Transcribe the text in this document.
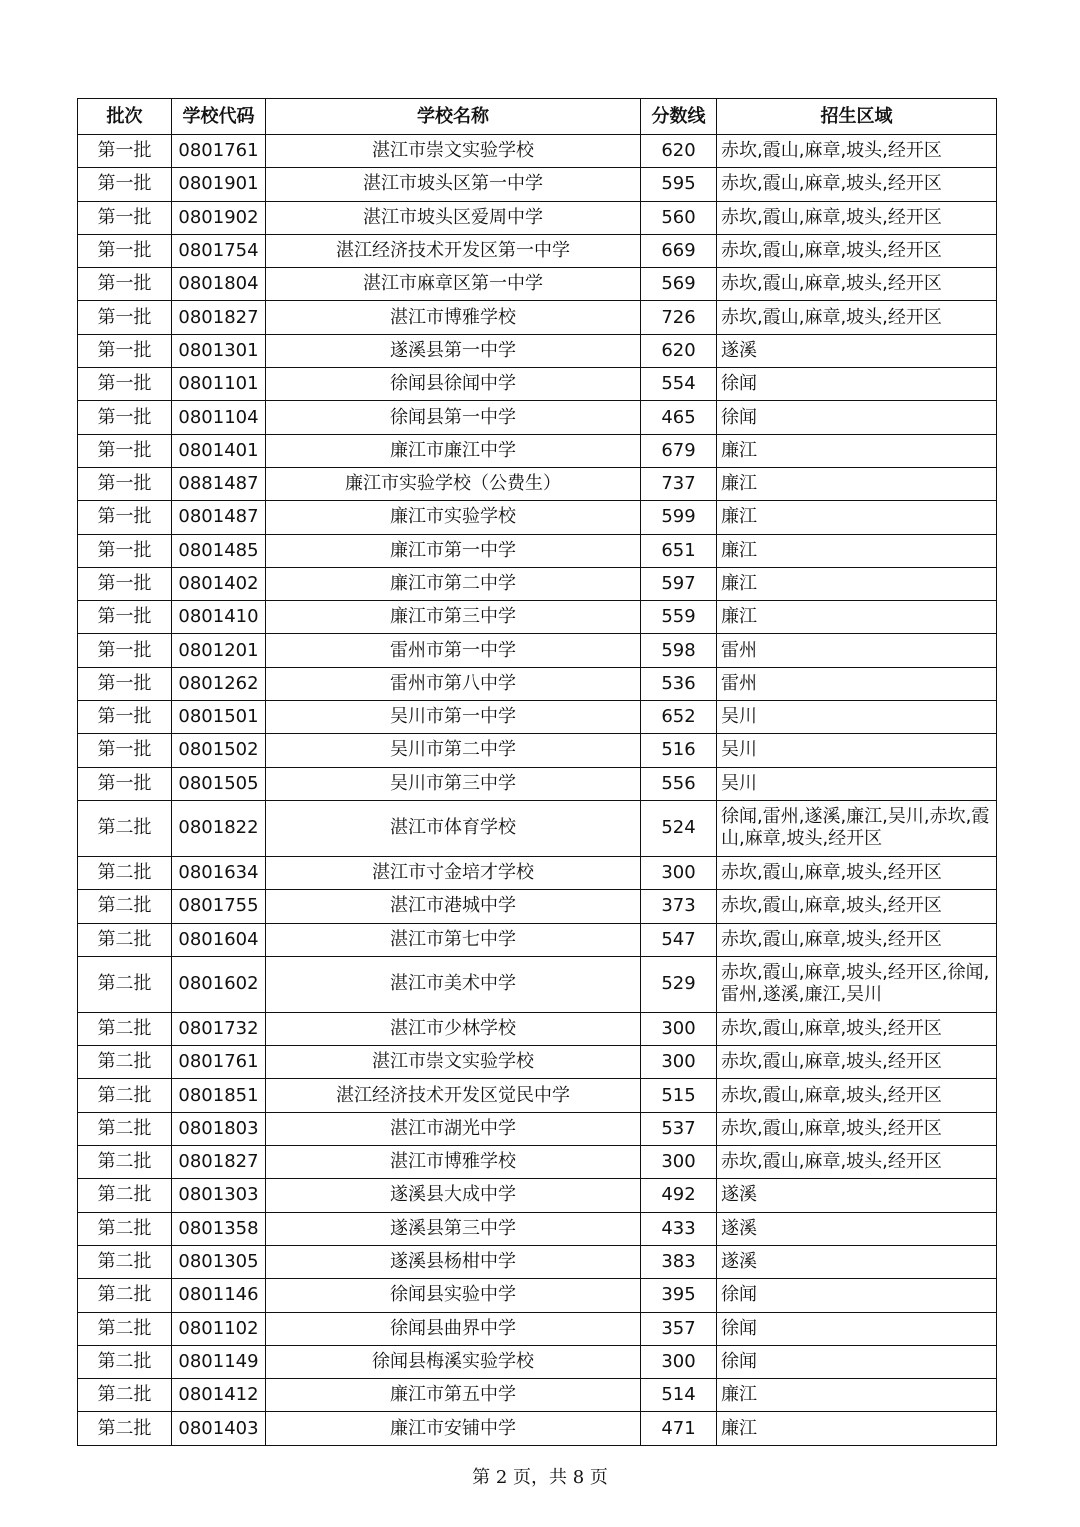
批次	学校代码	学校名称	分数线	招生区域
第一批	0801761	湛江市崇文实验学校	620	赤坎,霞山,麻章,坡头,经开区
第一批	0801901	湛江市坡头区第一中学	595	赤坎,霞山,麻章,坡头,经开区
第一批	0801902	湛江市坡头区爱周中学	560	赤坎,霞山,麻章,坡头,经开区
第一批	0801754	湛江经济技术开发区第一中学	669	赤坎,霞山,麻章,坡头,经开区
第一批	0801804	湛江市麻章区第一中学	569	赤坎,霞山,麻章,坡头,经开区
第一批	0801827	湛江市博雅学校	726	赤坎,霞山,麻章,坡头,经开区
第一批	0801301	遂溪县第一中学	620	遂溪
第一批	0801101	徐闻县徐闻中学	554	徐闻
第一批	0801104	徐闻县第一中学	465	徐闻
第一批	0801401	廉江市廉江中学	679	廉江
第一批	0881487	廉江市实验学校（公费生）	737	廉江
第一批	0801487	廉江市实验学校	599	廉江
第一批	0801485	廉江市第一中学	651	廉江
第一批	0801402	廉江市第二中学	597	廉江
第一批	0801410	廉江市第三中学	559	廉江
第一批	0801201	雷州市第一中学	598	雷州
第一批	0801262	雷州市第八中学	536	雷州
第一批	0801501	吴川市第一中学	652	吴川
第一批	0801502	吴川市第二中学	516	吴川
第一批	0801505	吴川市第三中学	556	吴川
第二批	0801822	湛江市体育学校	524	徐闻,雷州,遂溪,廉江,吴川,赤坎,霞山,麻章,坡头,经开区
第二批	0801634	湛江市寸金培才学校	300	赤坎,霞山,麻章,坡头,经开区
第二批	0801755	湛江市港城中学	373	赤坎,霞山,麻章,坡头,经开区
第二批	0801604	湛江市第七中学	547	赤坎,霞山,麻章,坡头,经开区
第二批	0801602	湛江市美术中学	529	赤坎,霞山,麻章,坡头,经开区,徐闻,雷州,遂溪,廉江,吴川
第二批	0801732	湛江市少林学校	300	赤坎,霞山,麻章,坡头,经开区
第二批	0801761	湛江市崇文实验学校	300	赤坎,霞山,麻章,坡头,经开区
第二批	0801851	湛江经济技术开发区觉民中学	515	赤坎,霞山,麻章,坡头,经开区
第二批	0801803	湛江市湖光中学	537	赤坎,霞山,麻章,坡头,经开区
第二批	0801827	湛江市博雅学校	300	赤坎,霞山,麻章,坡头,经开区
第二批	0801303	遂溪县大成中学	492	遂溪
第二批	0801358	遂溪县第三中学	433	遂溪
第二批	0801305	遂溪县杨柑中学	383	遂溪
第二批	0801146	徐闻县实验中学	395	徐闻
第二批	0801102	徐闻县曲界中学	357	徐闻
第二批	0801149	徐闻县梅溪实验学校	300	徐闻
第二批	0801412	廉江市第五中学	514	廉江
第二批	0801403	廉江市安铺中学	471	廉江
第 2 页，共 8 页
